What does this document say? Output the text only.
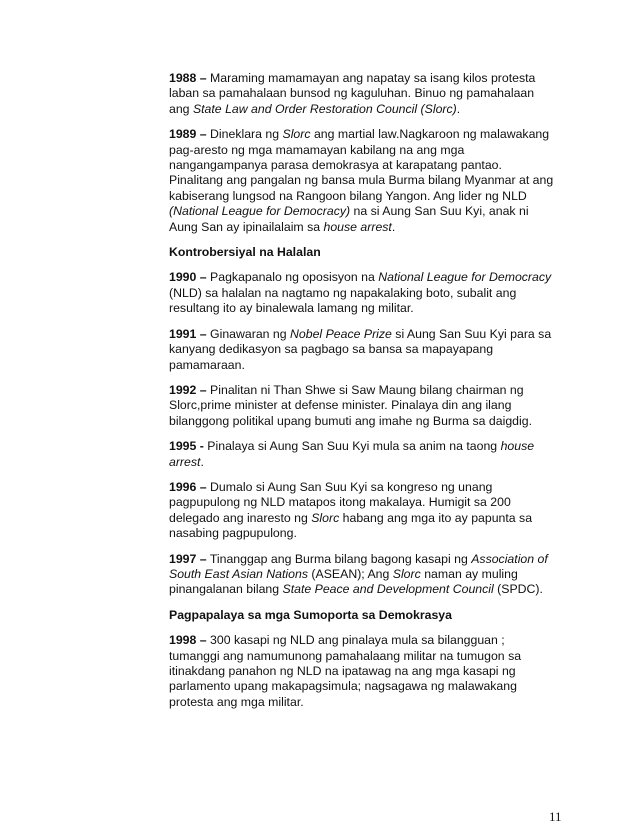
1988 – Maraming mamamayan ang napatay sa isang kilos protesta
laban sa pamahalaan bunsod ng kaguluhan. Binuo ng pamahalaan
ang State Law and Order Restoration Council (Slorc).
1989 – Dineklara ng Slorc ang martial law.Nagkaroon ng malawakang
pag-aresto ng mga mamamayan kabilang na ang mga
nangangampanya parasa demokrasya at karapatang pantao.
Pinalitang ang pangalan ng bansa mula Burma bilang Myanmar at ang
kabiserang lungsod na Rangoon bilang Yangon. Ang lider ng NLD
(National League for Democracy) na si Aung San Suu Kyi, anak ni
Aung San ay ipinailalaim sa house arrest.
Kontrobersiyal na Halalan
1990 – Pagkapanalo ng oposisyon na National League for Democracy
(NLD) sa halalan na nagtamo ng napakalaking boto, subalit ang
resultang ito ay binalewala lamang ng militar.
1991 – Ginawaran ng Nobel Peace Prize si Aung San Suu Kyi para sa
kanyang dedikasyon sa pagbago sa bansa sa mapayapang
pamamaraan.
1992 – Pinalitan ni Than Shwe si Saw Maung bilang chairman ng
Slorc,prime minister at defense minister. Pinalaya din ang ilang
bilanggong politikal upang bumuti ang imahe ng Burma sa daigdig.
1995 - Pinalaya si Aung San Suu Kyi mula sa anim na taong house
arrest.
1996 – Dumalo si Aung San Suu Kyi sa kongreso ng unang
pagpupulong ng NLD matapos itong makalaya. Humigit sa 200
delegado ang inaresto ng Slorc habang ang mga ito ay papunta sa
nasabing pagpupulong.
1997 – Tinanggap ang Burma bilang bagong kasapi ng Association of
South East Asian Nations (ASEAN); Ang Slorc naman ay muling
pinangalanan bilang State Peace and Development Council (SPDC).
Pagpapalaya sa mga Sumoporta sa Demokrasya
1998 – 300 kasapi ng NLD ang pinalaya mula sa bilangguan ;
tumanggi ang namumunong pamahalaang militar na tumugon sa
itinakdang panahon ng NLD na ipatawag na ang mga kasapi ng
parlamento upang makapagsimula; nagsagawa ng malawakang
protesta ang mga militar.
11
